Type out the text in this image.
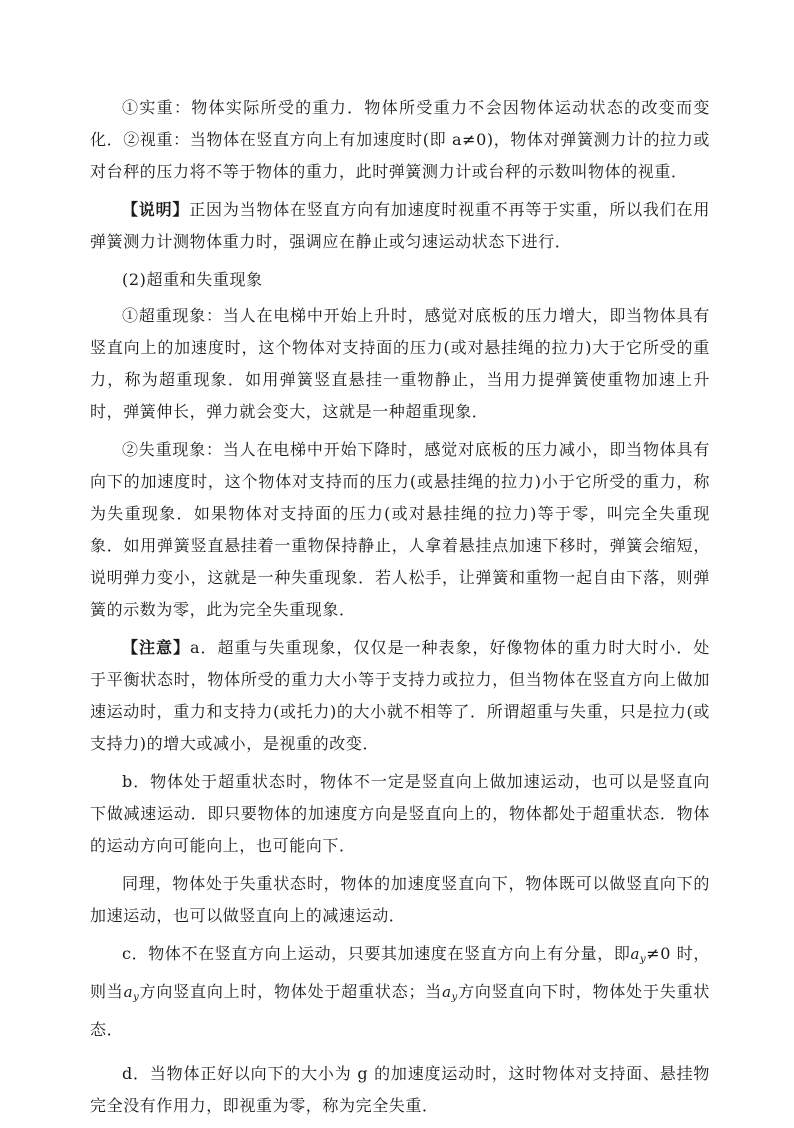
①实重：物体实际所受的重力．物体所受重力不会因物体运动状态的改变而变化．②视重：当物体在竖直方向上有加速度时(即 a≠0)，物体对弹簧测力计的拉力或对台秤的压力将不等于物体的重力，此时弹簧测力计或台秤的示数叫物体的视重．

【说明】正因为当物体在竖直方向有加速度时视重不再等于实重，所以我们在用弹簧测力计测物体重力时，强调应在静止或匀速运动状态下进行．

(2)超重和失重现象

①超重现象：当人在电梯中开始上升时，感觉对底板的压力增大，即当物体具有竖直向上的加速度时，这个物体对支持面的压力(或对悬挂绳的拉力)大于它所受的重力，称为超重现象．如用弹簧竖直悬挂一重物静止，当用力提弹簧使重物加速上升时，弹簧伸长，弹力就会变大，这就是一种超重现象．

②失重现象：当人在电梯中开始下降时，感觉对底板的压力减小，即当物体具有向下的加速度时，这个物体对支持而的压力(或悬挂绳的拉力)小于它所受的重力，称为失重现象．如果物体对支持面的压力(或对悬挂绳的拉力)等于零，叫完全失重现象．如用弹簧竖直悬挂着一重物保持静止，人拿着悬挂点加速下移时，弹簧会缩短，说明弹力变小，这就是一种失重现象．若人松手，让弹簧和重物一起自由下落，则弹簧的示数为零，此为完全失重现象．

【注意】a．超重与失重现象，仅仅是一种表象，好像物体的重力时大时小．处于平衡状态时，物体所受的重力大小等于支持力或拉力，但当物体在竖直方向上做加速运动时，重力和支持力(或托力)的大小就不相等了．所谓超重与失重，只是拉力(或支持力)的增大或减小，是视重的改变．

b．物体处于超重状态时，物体不一定是竖直向上做加速运动，也可以是竖直向下做减速运动．即只要物体的加速度方向是竖直向上的，物体都处于超重状态．物体的运动方向可能向上，也可能向下．

同理，物体处于失重状态时，物体的加速度竖直向下，物体既可以做竖直向下的加速运动，也可以做竖直向上的减速运动．

c．物体不在竖直方向上运动，只要其加速度在竖直方向上有分量，即$a_y\ne 0$ 时，则当$a_y$方向竖直向上时，物体处于超重状态；当$a_y$方向竖直向下时，物体处于失重状态．

d．当物体正好以向下的大小为 g 的加速度运动时，这时物体对支持面、悬挂物完全没有作用力，即视重为零，称为完全失重．
